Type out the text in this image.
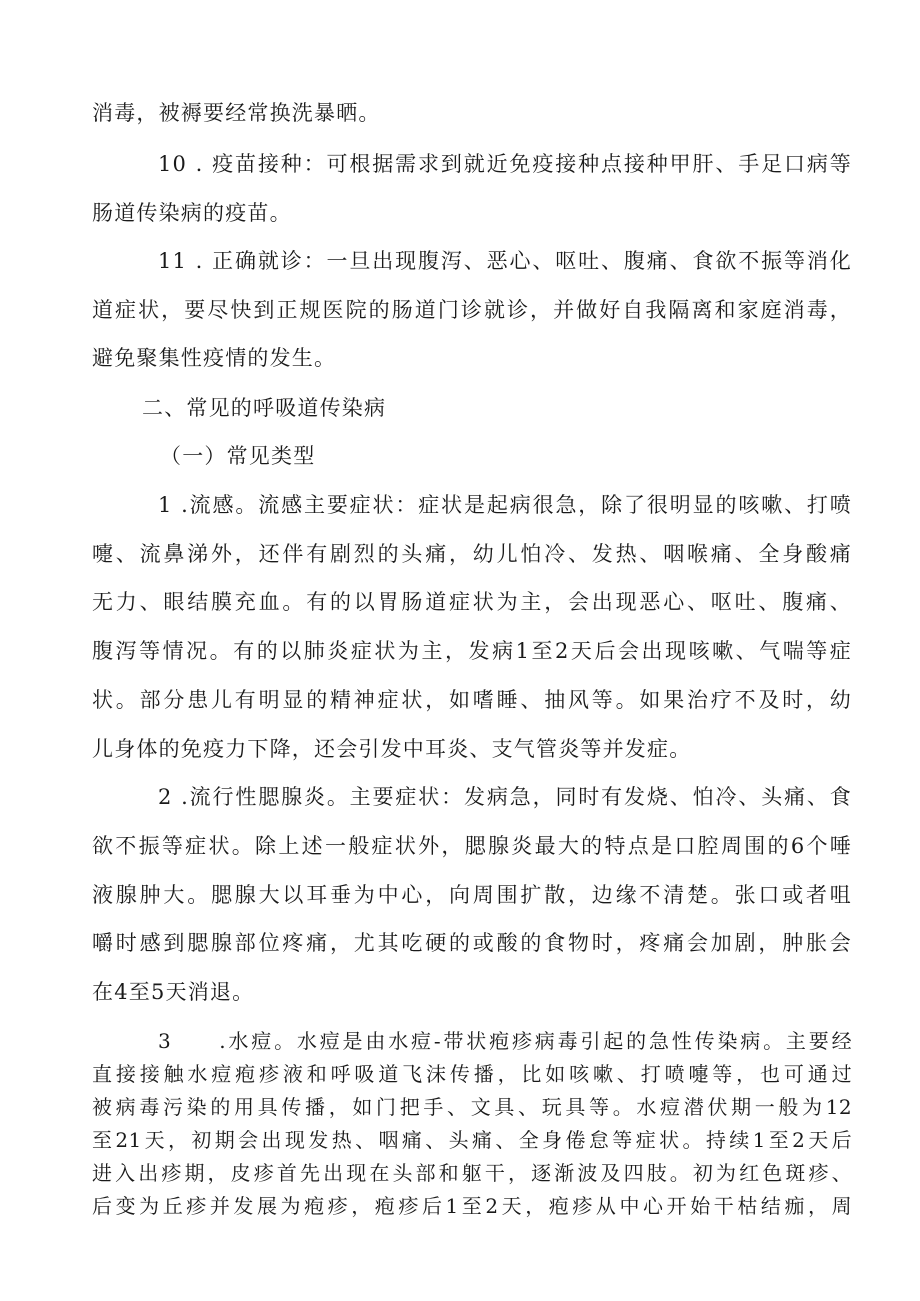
消毒，被褥要经常换洗暴晒。
10 . 疫苗接种：可根据需求到就近免疫接种点接种甲肝、手足口病等
肠道传染病的疫苗。
11 . 正确就诊：一旦出现腹泻、恶心、呕吐、腹痛、食欲不振等消化
道症状，要尽快到正规医院的肠道门诊就诊，并做好自我隔离和家庭消毒，
避免聚集性疫情的发生。
二、常见的呼吸道传染病
（一）常见类型
1 .流感。流感主要症状：症状是起病很急，除了很明显的咳嗽、打喷
嚏、流鼻涕外，还伴有剧烈的头痛，幼儿怕冷、发热、咽喉痛、全身酸痛
无力、眼结膜充血。有的以胃肠道症状为主，会出现恶心、呕吐、腹痛、
腹泻等情况。有的以肺炎症状为主，发病1至2天后会出现咳嗽、气喘等症
状。部分患儿有明显的精神症状，如嗜睡、抽风等。如果治疗不及时，幼
儿身体的免疫力下降，还会引发中耳炎、支气管炎等并发症。
2 .流行性腮腺炎。主要症状：发病急，同时有发烧、怕冷、头痛、食
欲不振等症状。除上述一般症状外，腮腺炎最大的特点是口腔周围的6个唾
液腺肿大。腮腺大以耳垂为中心，向周围扩散，边缘不清楚。张口或者咀
嚼时感到腮腺部位疼痛，尤其吃硬的或酸的食物时，疼痛会加剧，肿胀会
在4至5天消退。
3　　.水痘。水痘是由水痘-带状疱疹病毒引起的急性传染病。主要经
直接接触水痘疱疹液和呼吸道飞沫传播，比如咳嗽、打喷嚏等，也可通过
被病毒污染的用具传播，如门把手、文具、玩具等。水痘潜伏期一般为12
至21天，初期会出现发热、咽痛、头痛、全身倦怠等症状。持续1至2天后
进入出疹期，皮疹首先出现在头部和躯干，逐渐波及四肢。初为红色斑疹、
后变为丘疹并发展为疱疹，疱疹后1至2天，疱疹从中心开始干枯结痂，周
